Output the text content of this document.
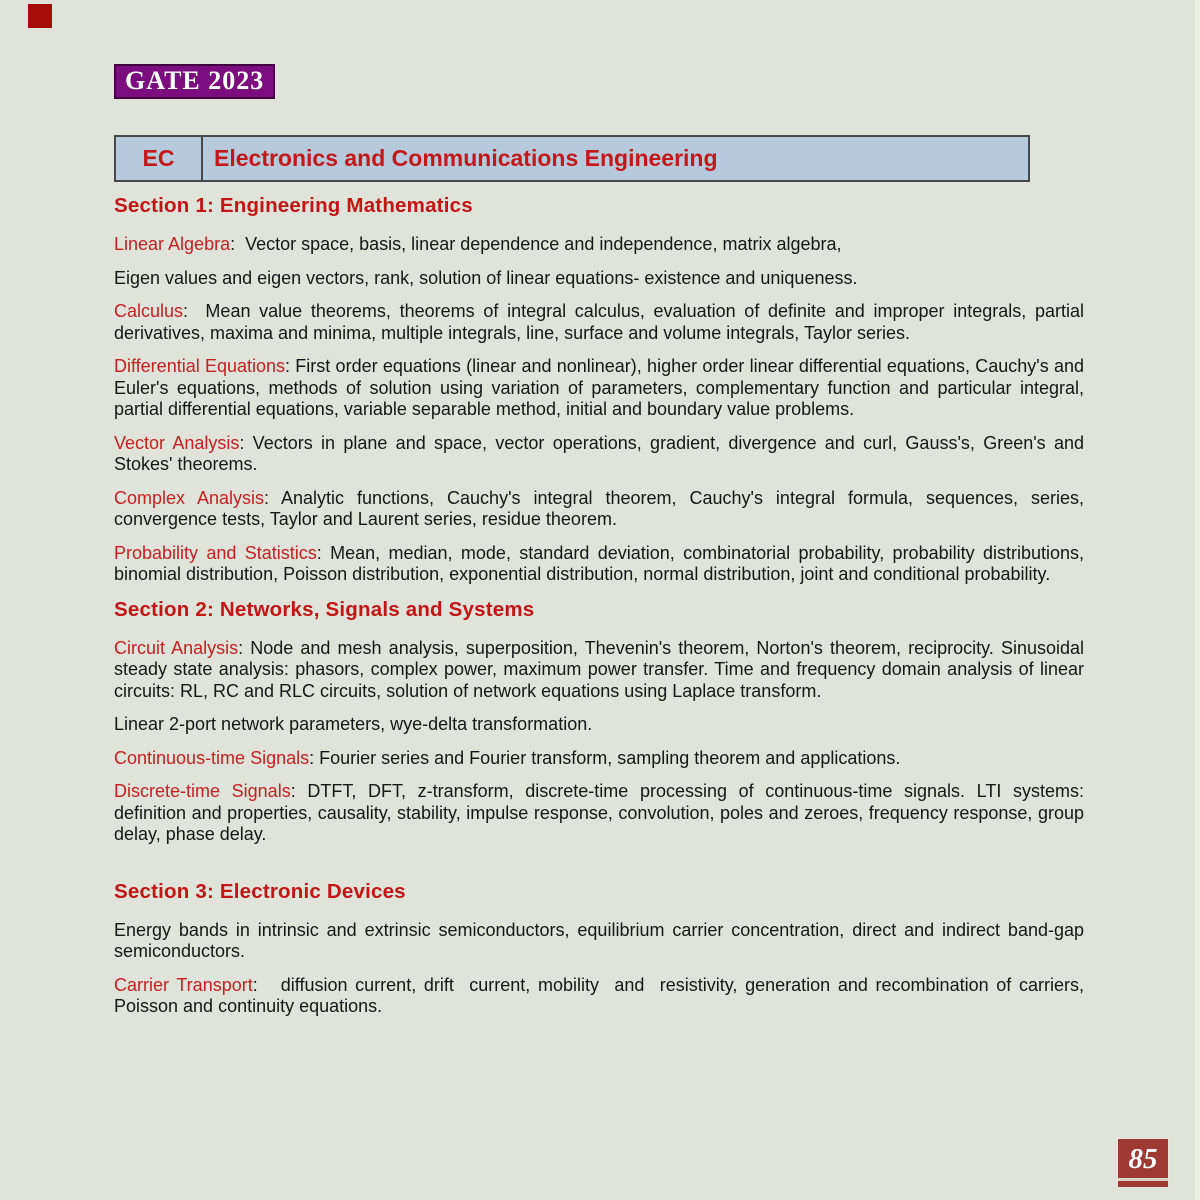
GATE 2023
EC	Electronics and Communications Engineering
Section 1: Engineering Mathematics

Linear Algebra:  Vector space, basis, linear dependence and independence, matrix algebra,

Eigen values and eigen vectors, rank, solution of linear equations- existence and uniqueness.

Calculus:  Mean value theorems, theorems of integral calculus, evaluation of definite and improper integrals, partial derivatives, maxima and minima, multiple integrals, line, surface and volume integrals, Taylor series.

Differential Equations: First order equations (linear and nonlinear), higher order linear differential equations, Cauchy's and Euler's equations, methods of solution using variation of parameters, complementary function and particular integral, partial differential equations, variable separable method, initial and boundary value problems.

Vector Analysis: Vectors in plane and space, vector operations, gradient, divergence and curl, Gauss's, Green's and Stokes' theorems.

Complex Analysis: Analytic functions, Cauchy's integral theorem, Cauchy's integral formula, sequences, series, convergence tests, Taylor and Laurent series, residue theorem.

Probability and Statistics: Mean, median, mode, standard deviation, combinatorial probability, probability distributions, binomial distribution, Poisson distribution, exponential distribution, normal distribution, joint and conditional probability.

Section 2: Networks, Signals and Systems

Circuit Analysis: Node and mesh analysis, superposition, Thevenin's theorem, Norton's theorem, reciprocity. Sinusoidal steady state analysis: phasors, complex power, maximum power transfer. Time and frequency domain analysis of linear circuits: RL, RC and RLC circuits, solution of network equations using Laplace transform.

Linear 2-port network parameters, wye-delta transformation.

Continuous-time Signals: Fourier series and Fourier transform, sampling theorem and applications.

Discrete-time Signals: DTFT, DFT, z-transform, discrete-time processing of continuous-time signals. LTI systems: definition and properties, causality, stability, impulse response, convolution, poles and zeroes, frequency response, group delay, phase delay.

Section 3: Electronic Devices

Energy bands in intrinsic and extrinsic semiconductors, equilibrium carrier concentration, direct and indirect band-gap semiconductors.

Carrier Transport:   diffusion current, drift  current, mobility  and  resistivity, generation and recombination of carriers, Poisson and continuity equations.

85
